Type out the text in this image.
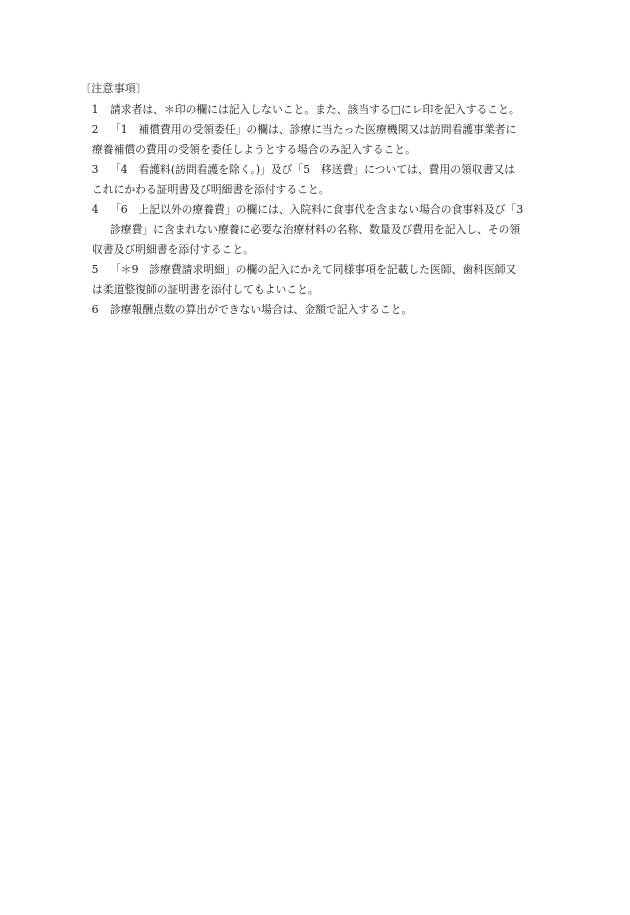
〔注意事項〕
1	請求者は、＊印の欄には記入しないこと。また、該当する□にレ印を記入すること。
2	「1　補償費用の受領委任」の欄は、診療に当たった医療機関又は訪問看護事業者に
療養補償の費用の受領を委任しようとする場合のみ記入すること。
3	「4　看護料(訪問看護を除く。)」及び「5　移送費」については、費用の領収書又は
これにかわる証明書及び明細書を添付すること。
4	「6　上記以外の療養費」の欄には、入院料に食事代を含まない場合の食事料及び「3
診療費」に含まれない療養に必要な治療材料の名称、数量及び費用を記入し、その領
収書及び明細書を添付すること。
5	「＊9　診療費請求明細」の欄の記入にかえて同様事項を記載した医師、歯科医師又
は柔道整復師の証明書を添付してもよいこと。
6	診療報酬点数の算出ができない場合は、金額で記入すること。
